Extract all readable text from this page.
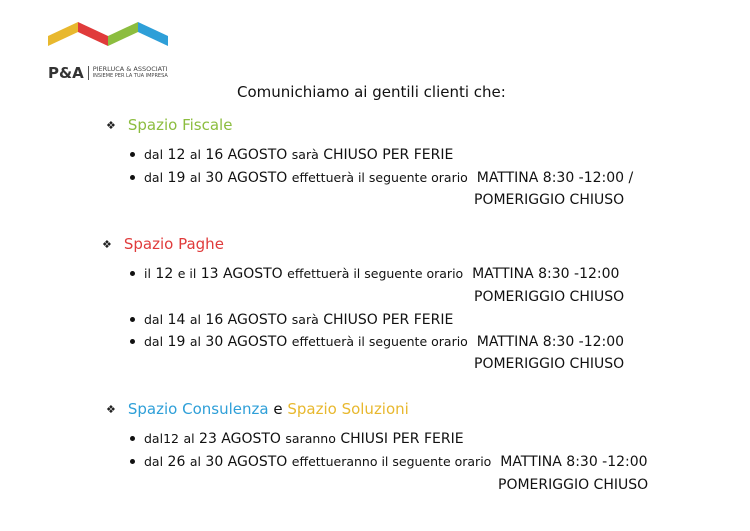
P&A PIERLUCA & ASSOCIATI
INSIEME PER LA TUA IMPRESA
Comunichiamo ai gentili clienti che:
❖ Spazio Fiscale
dal 12 al 16 AGOSTO sarà CHIUSO PER FERIE
dal 19 al 30 AGOSTO effettuerà il seguente orario MATTINA 8:30 -12:00 /
POMERIGGIO CHIUSO
❖ Spazio Paghe
il 12 e il 13 AGOSTO effettuerà il seguente orario MATTINA 8:30 -12:00
POMERIGGIO CHIUSO
dal 14 al 16 AGOSTO sarà CHIUSO PER FERIE
dal 19 al 30 AGOSTO effettuerà il seguente orario MATTINA 8:30 -12:00
POMERIGGIO CHIUSO
❖ Spazio Consulenza
e
Spazio Soluzioni
dal12 al 23 AGOSTO saranno CHIUSI PER FERIE
dal 26 al 30 AGOSTO effettueranno il seguente orario MATTINA 8:30 -12:00
POMERIGGIO CHIUSO
